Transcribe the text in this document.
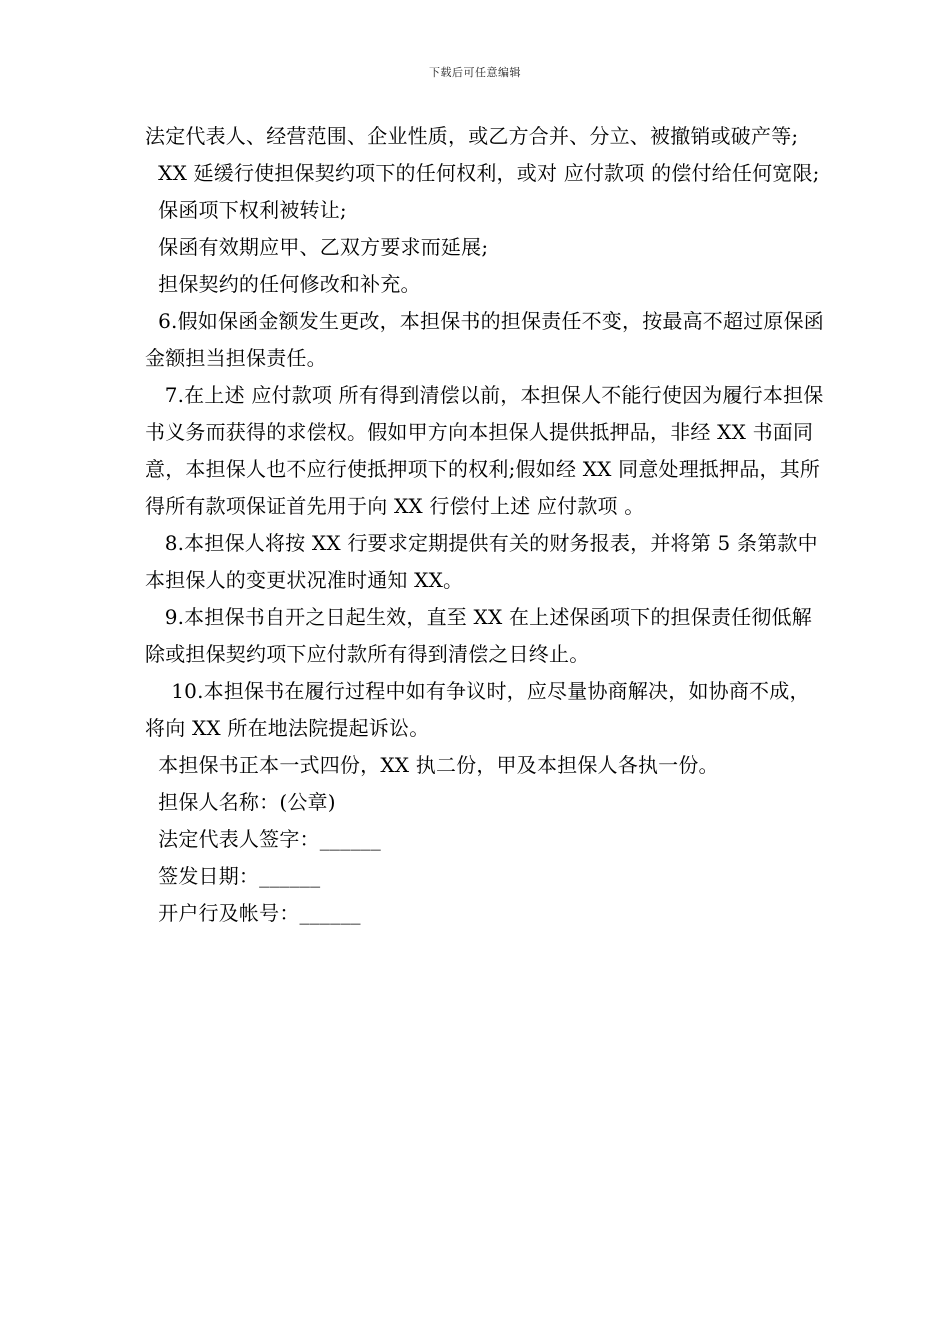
下载后可任意编辑

法定代表人、经营范围、企业性质，或乙方合并、分立、被撤销或破产等;

XX 延缓行使担保契约项下的任何权利，或对 应付款项 的偿付给任何宽限;

保函项下权利被转让;

保函有效期应甲、乙双方要求而延展;

担保契约的任何修改和补充。

6.假如保函金额发生更改，本担保书的担保责任不变，按最高不超过原保函金额担当担保责任。

7.在上述 应付款项 所有得到清偿以前，本担保人不能行使因为履行本担保书义务而获得的求偿权。假如甲方向本担保人提供抵押品，非经 XX 书面同意，本担保人也不应行使抵押项下的权利;假如经 XX 同意处理抵押品，其所得所有款项保证首先用于向 XX 行偿付上述 应付款项 。

8.本担保人将按 XX 行要求定期提供有关的财务报表，并将第 5 条第款中本担保人的变更状况准时通知 XX。

9.本担保书自开之日起生效，直至 XX 在上述保函项下的担保责任彻低解除或担保契约项下应付款所有得到清偿之日终止。

10.本担保书在履行过程中如有争议时，应尽量协商解决，如协商不成，将向 XX 所在地法院提起诉讼。

本担保书正本一式四份，XX 执二份，甲及本担保人各执一份。

担保人名称：(公章)

法定代表人签字：______

签发日期：______

开户行及帐号：______
